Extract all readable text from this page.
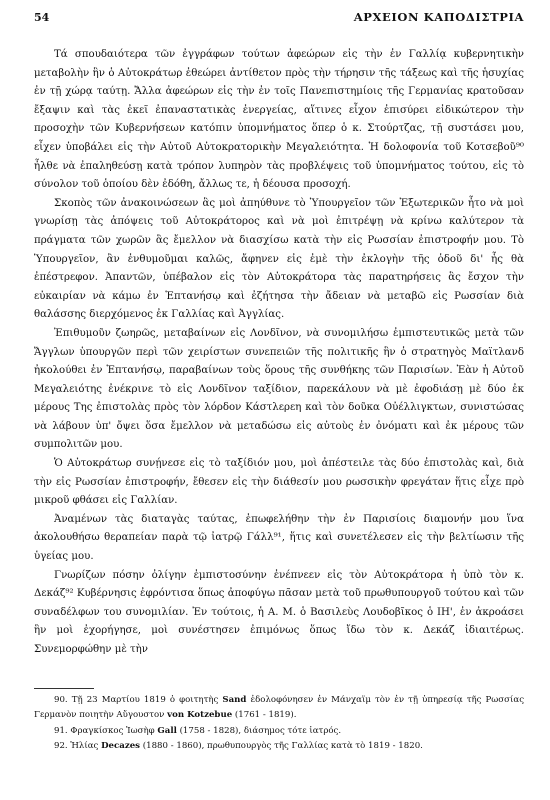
54	ΑΡΧΕΙΟΝ ΚΑΠΟΔΙΣΤΡΙΑ

Τά σπουδαιότερα τῶν ἐγγράφων τούτων ἀφεώρων εἰς τὴν ἐν Γαλλίᾳ κυβερνητικὴν μεταβολὴν ἣν ὁ Αὐτοκράτωρ ἐθεώρει ἀντίθετον πρὸς τὴν τήρησιν τῆς τάξεως καὶ τῆς ἡσυχίας ἐν τῇ χώρᾳ ταύτῃ. Ἄλλα ἀφεώρων εἰς τὴν ἐν τοῖς Πανεπιστημίοις τῆς Γερμανίας κρατοῦσαν ἔξαψιν καὶ τὰς ἐκεῖ ἐπαναστατικὰς ἐνεργείας, αἵτινες εἶχον ἐπισύρει εἰδικώτερον τὴν προσοχὴν τῶν Κυβερνήσεων κατόπιν ὑπομνήματος ὅπερ ὁ κ. Στούρτζας, τῇ συστάσει μου, εἶχεν ὑποβάλει εἰς τὴν Αὐτοῦ Αὐτοκρατορικὴν Μεγαλειότητα. Ἡ δολοφονία τοῦ Κοτσεβοῦ⁹⁰ ἦλθε νὰ ἐπαληθεύσῃ κατὰ τρόπον λυπηρὸν τὰς προβλέψεις τοῦ ὑπομνήματος τούτου, εἰς τὸ σύνολον τοῦ ὁποίου δὲν ἐδόθη, ἄλλως τε, ἡ δέουσα προσοχή.

Σκοπὸς τῶν ἀνακοινώσεων ἃς μοὶ ἀπηύθυνε τὸ Ὑπουργεῖον τῶν Ἐξωτερικῶν ἦτο νὰ μοὶ γνωρίσῃ τὰς ἀπόψεις τοῦ Αὐτοκράτορος καὶ νὰ μοὶ ἐπιτρέψῃ νὰ κρίνω καλύτερον τὰ πράγματα τῶν χωρῶν ἃς ἔμελλον νὰ διασχίσω κατὰ τὴν εἰς Ρωσσίαν ἐπιστροφήν μου. Τὸ Ὑπουργεῖον, ἂν ἐνθυμοῦμαι καλῶς, ἄφηνεν εἰς ἐμὲ τὴν ἐκλογὴν τῆς ὁδοῦ δι' ἧς θὰ ἐπέστρεφον. Ἀπαντῶν, ὑπέβαλον εἰς τὸν Αὐτοκράτορα τὰς παρατηρήσεις ἃς ἔσχον τὴν εὐκαιρίαν νὰ κάμω ἐν Ἑπτανήσῳ καὶ ἐζήτησα τὴν ἄδειαν νὰ μεταβῶ εἰς Ρωσσίαν διὰ θαλάσσης διερχόμενος ἐκ Γαλλίας καὶ Ἀγγλίας.

Ἐπιθυμοῦν ζωηρῶς, μεταβαίνων εἰς Λονδῖνον, νὰ συνομιλήσω ἐμπιστευτικῶς μετὰ τῶν Ἄγγλων ὑπουργῶν περὶ τῶν χειρίστων συνεπειῶν τῆς πολιτικῆς ἣν ὁ στρατηγὸς Μαϊτλανδ ἠκολούθει ἐν Ἑπτανήσῳ, παραβαίνων τοὺς ὅρους τῆς συνθήκης τῶν Παρισίων. Ἐὰν ἡ Αὐτοῦ Μεγαλειότης ἐνέκρινε τὸ εἰς Λονδῖνον ταξίδιον, παρεκάλουν νὰ μὲ ἐφοδιάσῃ μὲ δύο ἐκ μέρους Της ἐπιστολὰς πρὸς τὸν λόρδον Κάστλερεη καὶ τὸν δοῦκα Οὐέλλιγκτων, συνιστώσας νὰ λάβουν ὑπ' ὄψει ὅσα ἔμελλον νὰ μεταδώσω εἰς αὐτοὺς ἐν ὀνόματι καὶ ἐκ μέρους τῶν συμπολιτῶν μου.

Ὁ Αὐτοκράτωρ συνῄνεσε εἰς τὸ ταξίδιόν μου, μοὶ ἀπέστειλε τὰς δύο ἐπιστολὰς καὶ, διὰ τὴν εἰς Ρωσσίαν ἐπιστροφήν, ἔθεσεν εἰς τὴν διάθεσίν μου ρωσσικὴν φρεγάταν ἥτις εἶχε πρὸ μικροῦ φθάσει εἰς Γαλλίαν.

Ἀναμένων τὰς διαταγὰς ταύτας, ἐπωφελήθην τὴν ἐν Παρισίοις διαμονήν μου ἵνα ἀκολουθήσω θεραπείαν παρὰ τῷ ἰατρῷ Γάλλ⁹¹, ἥτις καὶ συνετέλεσεν εἰς τὴν βελτίωσιν τῆς ὑγείας μου.

Γνωρίζων πόσην ὀλίγην ἐμπιστοσύνην ἐνέπνεεν εἰς τὸν Αὐτοκράτορα ἡ ὑπὸ τὸν κ. Δεκάζ⁹² Κυβέρνησις ἐφρόντισα ὅπως ἀποφύγω πᾶσαν μετὰ τοῦ πρωθυπουργοῦ τούτου καὶ τῶν συναδέλφων του συνομιλίαν. Ἐν τούτοις, ἡ Α. Μ. ὁ Βασιλεὺς Λουδοβῖκος ὁ ΙΗ', ἐν ἀκροάσει ἣν μοὶ ἐχορήγησε, μοὶ συνέστησεν ἐπιμόνως ὅπως ἴδω τὸν κ. Δεκάζ ἰδιαιτέρως. Συνεμορφώθην μὲ τὴν

90. Τῇ 23 Μαρτίου 1819 ὁ φοιτητὴς Sand ἐδολοφόνησεν ἐν Μάνχαϊμ τὸν ἐν τῇ ὑπηρεσίᾳ τῆς Ρωσσίας Γερμανὸν ποιητὴν Αὔγουστον von Kotzebue (1761 - 1819).

91. Φραγκίσκος Ἰωσὴφ Gall (1758 - 1828), διάσημος τότε ἰατρός.

92. Ἡλίας Decazes (1880 - 1860), πρωθυπουργὸς τῆς Γαλλίας κατὰ τὸ 1819 - 1820.
